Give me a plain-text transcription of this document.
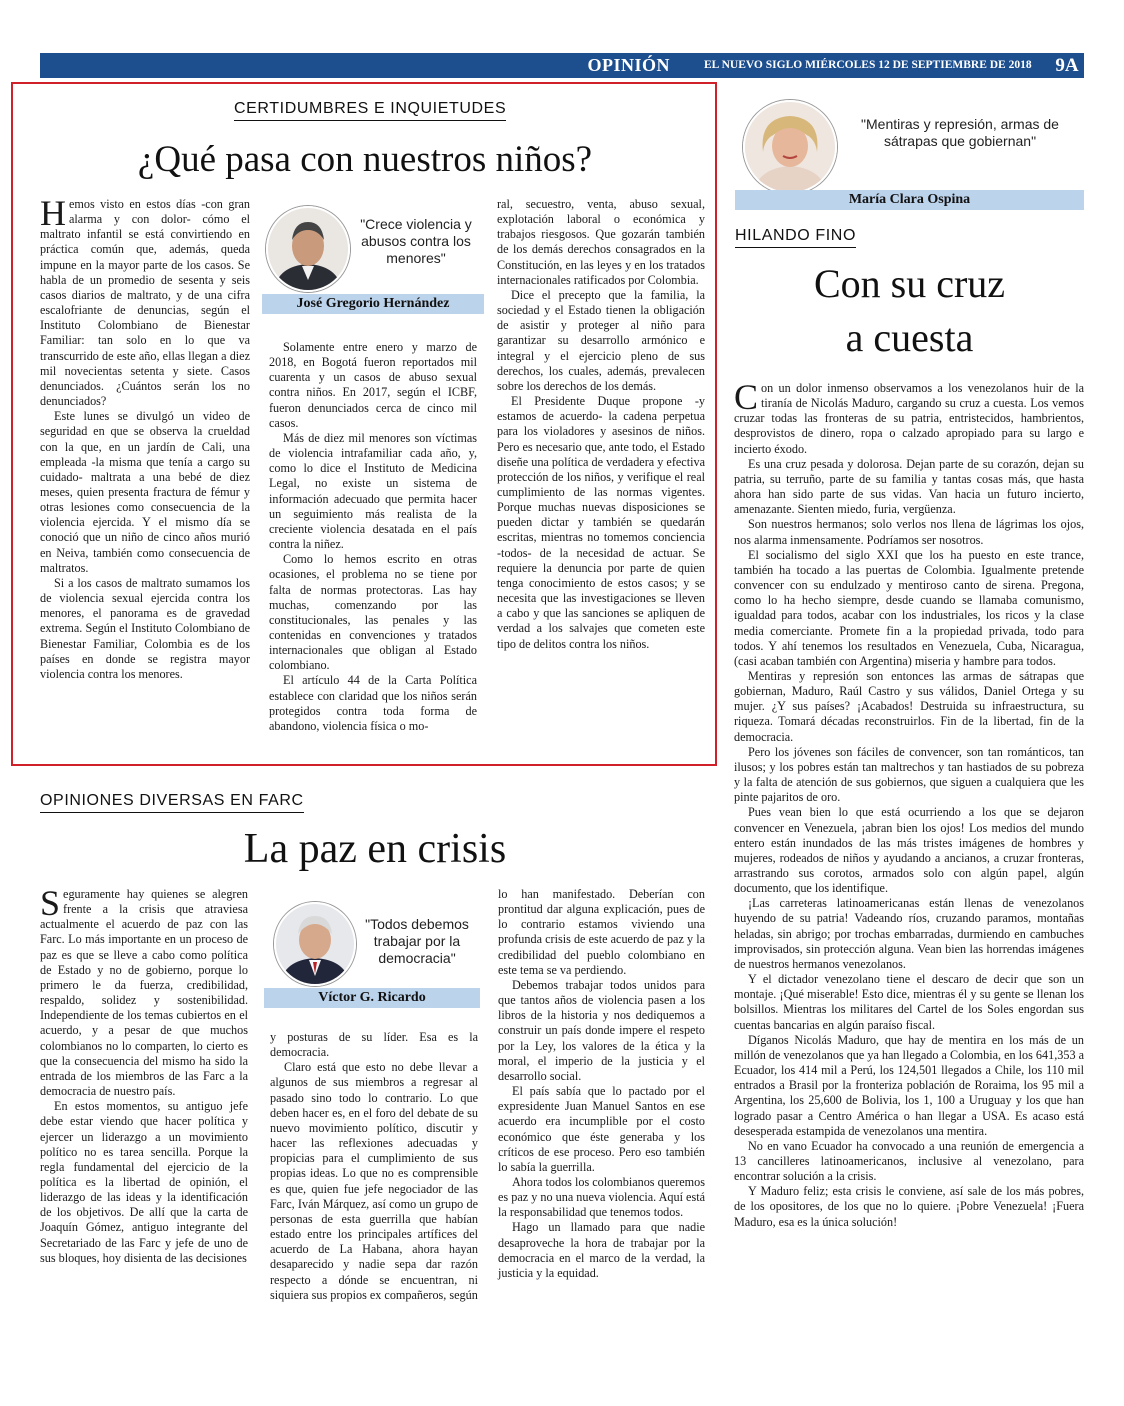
OPINIÓN	EL NUEVO SIGLO MIÉRCOLES 12 DE SEPTIEMBRE DE 2018	9A
CERTIDUMBRES E INQUIETUDES
¿Qué pasa con nuestros niños?

Hemos visto en estos días -con gran alarma y con dolor- cómo el maltrato infantil se está convirtiendo en práctica común que, además, queda impune en la mayor parte de los casos. Se habla de un promedio de sesenta y seis casos diarios de maltrato, y de una cifra escalofriante de denuncias, según el Instituto Colombiano de Bienestar Familiar: tan solo en lo que va transcurrido de este año, ellas llegan a diez mil novecientas setenta y siete. Casos denunciados. ¿Cuántos serán los no denunciados?

Este lunes se divulgó un video de seguridad en que se observa la crueldad con la que, en un jardín de Cali, una empleada -la misma que tenía a cargo su cuidado- maltrata a una bebé de diez meses, quien presenta fractura de fémur y otras lesiones como consecuencia de la violencia ejercida. Y el mismo día se conoció que un niño de cinco años murió en Neiva, también como consecuencia de maltratos.

Si a los casos de maltrato sumamos los de violencia sexual ejercida contra los menores, el panorama es de gravedad extrema. Según el Instituto Colombiano de Bienestar Familiar, Colombia es de los países en donde se registra mayor violencia contra los menores.

"Crece violencia y abusos contra los menores"
José Gregorio Hernández

Solamente entre enero y marzo de 2018, en Bogotá fueron reportados mil cuarenta y un casos de abuso sexual contra niños. En 2017, según el ICBF, fueron denunciados cerca de cinco mil casos.

Más de diez mil menores son víctimas de violencia intrafamiliar cada año, y, como lo dice el Instituto de Medicina Legal, no existe un sistema de información adecuado que permita hacer un seguimiento más realista de la creciente violencia desatada en el país contra la niñez.

Como lo hemos escrito en otras ocasiones, el problema no se tiene por falta de normas protectoras. Las hay muchas, comenzando por las constitucionales, las penales y las contenidas en convenciones y tratados internacionales que obligan al Estado colombiano.

El artículo 44 de la Carta Política establece con claridad que los niños serán protegidos contra toda forma de abandono, violencia física o mo-

ral, secuestro, venta, abuso sexual, explotación laboral o económica y trabajos riesgosos. Que gozarán también de los demás derechos consagrados en la Constitución, en las leyes y en los tratados internacionales ratificados por Colombia.

Dice el precepto que la familia, la sociedad y el Estado tienen la obligación de asistir y proteger al niño para garantizar su desarrollo armónico e integral y el ejercicio pleno de sus derechos, los cuales, además, prevalecen sobre los derechos de los demás.

El Presidente Duque propone -y estamos de acuerdo- la cadena perpetua para los violadores y asesinos de niños. Pero es necesario que, ante todo, el Estado diseñe una política de verdadera y efectiva protección de los niños, y verifique el real cumplimiento de las normas vigentes. Porque muchas nuevas disposiciones se pueden dictar y también se quedarán escritas, mientras no tomemos conciencia -todos- de la necesidad de actuar. Se requiere la denuncia por parte de quien tenga conocimiento de estos casos; y se necesita que las investigaciones se lleven a cabo y que las sanciones se apliquen de verdad a los salvajes que cometen este tipo de delitos contra los niños.

OPINIONES DIVERSAS EN FARC
La paz en crisis

Seguramente hay quienes se alegren frente a la crisis que atraviesa actualmente el acuerdo de paz con las Farc. Lo más importante en un proceso de paz es que se lleve a cabo como política de Estado y no de gobierno, porque lo primero le da fuerza, credibilidad, respaldo, solidez y sostenibilidad. Independiente de los temas cubiertos en el acuerdo, y a pesar de que muchos colombianos no lo comparten, lo cierto es que la consecuencia del mismo ha sido la entrada de los miembros de las Farc a la democracia de nuestro país.

En estos momentos, su antiguo jefe debe estar viendo que hacer política y ejercer un liderazgo a un movimiento político no es tarea sencilla. Porque la regla fundamental del ejercicio de la política es la libertad de opinión, el liderazgo de las ideas y la identificación de los objetivos. De allí que la carta de Joaquín Gómez, antiguo integrante del Secretariado de las Farc y jefe de uno de sus bloques, hoy disienta de las decisiones

"Todos debemos trabajar por la democracia"
Víctor G. Ricardo

y posturas de su líder. Esa es la democracia.

Claro está que esto no debe llevar a algunos de sus miembros a regresar al pasado sino todo lo contrario. Lo que deben hacer es, en el foro del debate de su nuevo movimiento político, discutir y hacer las reflexiones adecuadas y propicias para el cumplimiento de sus propias ideas. Lo que no es comprensible es que, quien fue jefe negociador de las Farc, Iván Márquez, así como un grupo de personas de esta guerrilla que habían estado entre los principales artífices del acuerdo de La Habana, ahora hayan desaparecido y nadie sepa dar razón respecto a dónde se encuentran, ni siquiera sus propios ex compañeros, según

lo han manifestado. Deberían con prontitud dar alguna explicación, pues de lo contrario estamos viviendo una profunda crisis de este acuerdo de paz y la credibilidad del pueblo colombiano en este tema se va perdiendo.

Debemos trabajar todos unidos para que tantos años de violencia pasen a los libros de la historia y nos dediquemos a construir un país donde impere el respeto por la Ley, los valores de la ética y la moral, el imperio de la justicia y el desarrollo social.

El país sabía que lo pactado por el expresidente Juan Manuel Santos en ese acuerdo era incumplible por el costo económico que éste generaba y los críticos de ese proceso. Pero eso también lo sabía la guerrilla.

Ahora todos los colombianos queremos es paz y no una nueva violencia. Aquí está la responsabilidad que tenemos todos.

Hago un llamado para que nadie desaproveche la hora de trabajar por la democracia en el marco de la verdad, la justicia y la equidad.

"Mentiras y represión, armas de sátrapas que gobiernan"
María Clara Ospina
HILANDO FINO
Con su cruz
a cuesta

Con un dolor inmenso observamos a los venezolanos huir de la tiranía de Nicolás Maduro, cargando su cruz a cuesta. Los vemos cruzar todas las fronteras de su patria, entristecidos, hambrientos, desprovistos de dinero, ropa o calzado apropiado para su largo e incierto éxodo.

Es una cruz pesada y dolorosa. Dejan parte de su corazón, dejan su patria, su terruño, parte de su familia y tantas cosas más, que hasta ahora han sido parte de sus vidas. Van hacia un futuro incierto, amenazante. Sienten miedo, furia, vergüenza.

Son nuestros hermanos; solo verlos nos llena de lágrimas los ojos, nos alarma inmensamente. Podríamos ser nosotros.

El socialismo del siglo XXI que los ha puesto en este trance, también ha tocado a las puertas de Colombia. Igualmente pretende convencer con su endulzado y mentiroso canto de sirena. Pregona, como lo ha hecho siempre, desde cuando se llamaba comunismo, igualdad para todos, acabar con los industriales, los ricos y la clase media comerciante. Promete fin a la propiedad privada, todo para todos. Y ahí tenemos los resultados en Venezuela, Cuba, Nicaragua, (casi acaban también con Argentina) miseria y hambre para todos.

Mentiras y represión son entonces las armas de sátrapas que gobiernan, Maduro, Raúl Castro y sus válidos, Daniel Ortega y su mujer. ¿Y sus países? ¡Acabados! Destruida su infraestructura, su riqueza. Tomará décadas reconstruirlos. Fin de la libertad, fin de la democracia.

Pero los jóvenes son fáciles de convencer, son tan románticos, tan ilusos; y los pobres están tan maltrechos y tan hastiados de su pobreza y la falta de atención de sus gobiernos, que siguen a cualquiera que les pinte pajaritos de oro.

Pues vean bien lo que está ocurriendo a los que se dejaron convencer en Venezuela, ¡abran bien los ojos! Los medios del mundo entero están inundados de las más tristes imágenes de hombres y mujeres, rodeados de niños y ayudando a ancianos, a cruzar fronteras, arrastrando sus corotos, armados solo con algún papel, algún documento, que los identifique.

¡Las carreteras latinoamericanas están llenas de venezolanos huyendo de su patria! Vadeando ríos, cruzando paramos, montañas heladas, sin abrigo; por trochas embarradas, durmiendo en cambuches improvisados, sin protección alguna. Vean bien las horrendas imágenes de nuestros hermanos venezolanos.

Y el dictador venezolano tiene el descaro de decir que son un montaje. ¡Qué miserable! Esto dice, mientras él y su gente se llenan los bolsillos. Mientras los militares del Cartel de los Soles engordan sus cuentas bancarias en algún paraíso fiscal.

Díganos Nicolás Maduro, que hay de mentira en los más de un millón de venezolanos que ya han llegado a Colombia, en los 641,353 a Ecuador, los 414 mil a Perú, los 124,501 llegados a Chile, los 110 mil entrados a Brasil por la fronteriza población de Roraima, los 95 mil a Argentina, los 25,600 de Bolivia, los 1, 100 a Uruguay y los que han logrado pasar a Centro América o han llegar a USA. Es acaso está desesperada estampida de venezolanos una mentira.

No en vano Ecuador ha convocado a una reunión de emergencia a 13 cancilleres latinoamericanos, inclusive al venezolano, para encontrar solución a la crisis.

Y Maduro feliz; esta crisis le conviene, así sale de los más pobres, de los opositores, de los que no lo quiere. ¡Pobre Venezuela! ¡Fuera Maduro, esa es la única solución!
